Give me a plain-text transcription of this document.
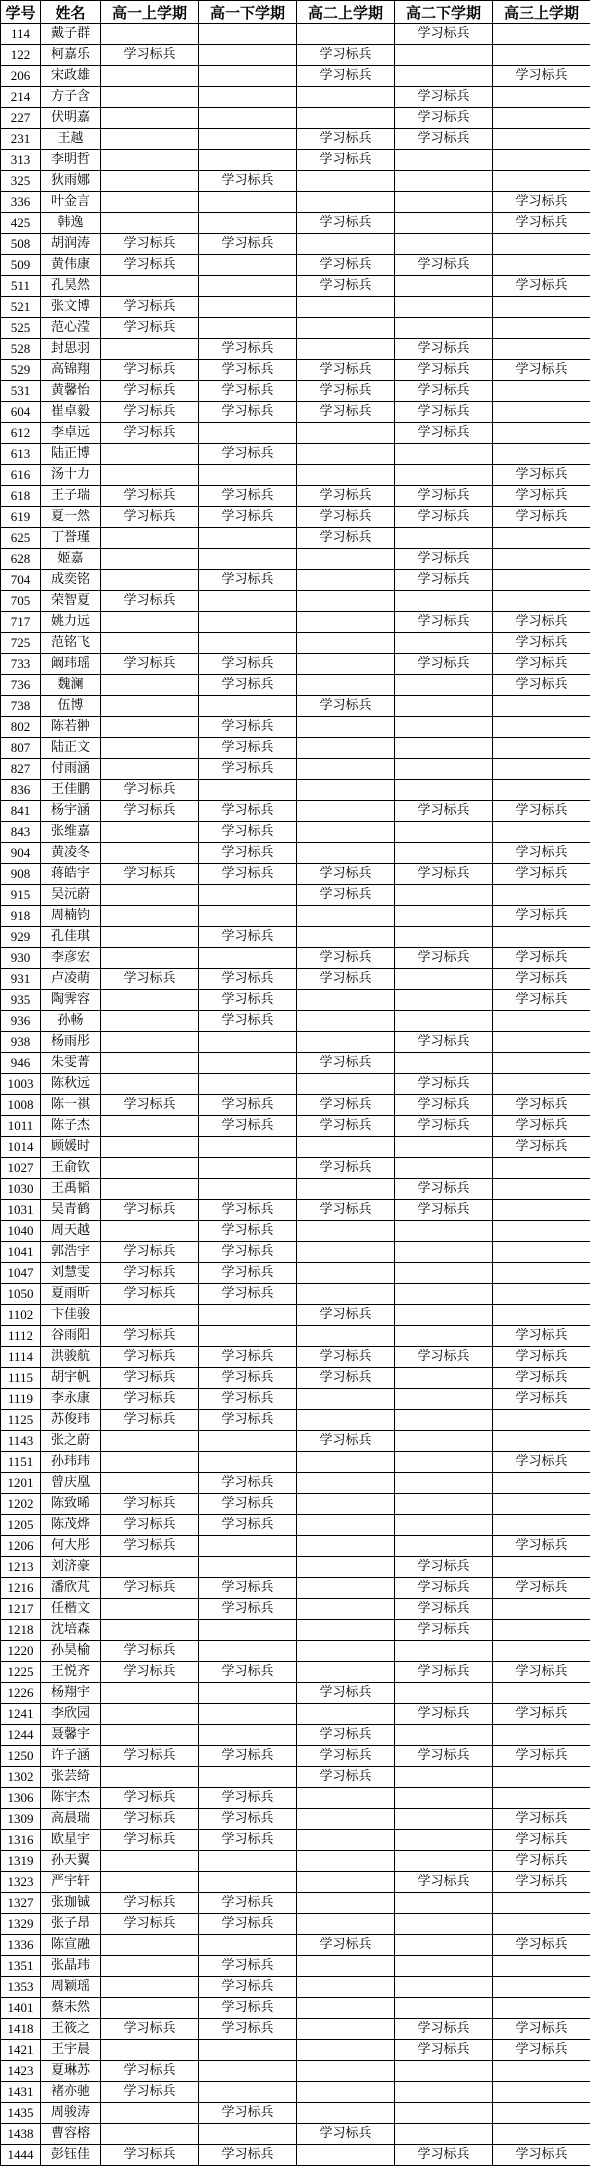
学号	姓名	高一上学期	高一下学期	高二上学期	高二下学期	高三上学期
114	戴子群				学习标兵	
122	柯嘉乐	学习标兵		学习标兵		
206	宋政雄			学习标兵		学习标兵
214	方子含				学习标兵	
227	伏明嘉				学习标兵	
231	王越			学习标兵	学习标兵	
313	李明哲			学习标兵		
325	狄雨娜		学习标兵			
336	叶金言					学习标兵
425	韩逸			学习标兵		学习标兵
508	胡润涛	学习标兵	学习标兵			
509	黄伟康	学习标兵		学习标兵	学习标兵	
511	孔昊然			学习标兵		学习标兵
521	张文博	学习标兵				
525	范心滢	学习标兵				
528	封思羽		学习标兵		学习标兵	
529	高锦翔	学习标兵	学习标兵	学习标兵	学习标兵	学习标兵
531	黄馨怡	学习标兵	学习标兵	学习标兵	学习标兵	
604	崔卓毅	学习标兵	学习标兵	学习标兵	学习标兵	
612	李卓远	学习标兵			学习标兵	
613	陆正博		学习标兵			
616	汤十力					学习标兵
618	王子瑞	学习标兵	学习标兵	学习标兵	学习标兵	学习标兵
619	夏一然	学习标兵	学习标兵	学习标兵	学习标兵	学习标兵
625	丁誉瑾			学习标兵		
628	姬嘉				学习标兵	
704	成奕铭		学习标兵		学习标兵	
705	荣智夏	学习标兵				
717	姚力远				学习标兵	学习标兵
725	范铭飞					学习标兵
733	阚玮瑶	学习标兵	学习标兵		学习标兵	学习标兵
736	魏澜		学习标兵			学习标兵
738	伍博			学习标兵		
802	陈若翀		学习标兵			
807	陆正文		学习标兵			
827	付雨涵		学习标兵			
836	王佳鹏	学习标兵				
841	杨宇涵	学习标兵	学习标兵		学习标兵	学习标兵
843	张维嘉		学习标兵			
904	黄凌冬		学习标兵			学习标兵
908	蒋皓宇	学习标兵	学习标兵	学习标兵	学习标兵	学习标兵
915	吴沅蔚			学习标兵		
918	周楠钧					学习标兵
929	孔佳琪		学习标兵			
930	李彦宏			学习标兵	学习标兵	学习标兵
931	卢凌萌	学习标兵	学习标兵	学习标兵		学习标兵
935	陶霁容		学习标兵			学习标兵
936	孙畅		学习标兵			
938	杨雨彤				学习标兵	
946	朱雯菁			学习标兵		
1003	陈秋远				学习标兵	
1008	陈一祺	学习标兵	学习标兵	学习标兵	学习标兵	学习标兵
1011	陈子杰		学习标兵	学习标兵	学习标兵	学习标兵
1014	顾媛时					学习标兵
1027	王俞钦			学习标兵		
1030	王禹韬				学习标兵	
1031	吴青鹤	学习标兵	学习标兵	学习标兵	学习标兵	
1040	周天越		学习标兵			
1041	郭浩宇	学习标兵	学习标兵			
1047	刘慧雯	学习标兵	学习标兵			
1050	夏雨昕	学习标兵	学习标兵			
1102	卞佳骏			学习标兵		
1112	谷雨阳	学习标兵				学习标兵
1114	洪骏航	学习标兵	学习标兵	学习标兵	学习标兵	学习标兵
1115	胡宇帆	学习标兵	学习标兵	学习标兵		学习标兵
1119	李永康	学习标兵	学习标兵			学习标兵
1125	苏俊玮	学习标兵	学习标兵			
1143	张之蔚			学习标兵		
1151	孙玮玮					学习标兵
1201	曾庆凰		学习标兵			
1202	陈致晞	学习标兵	学习标兵			
1205	陈茂烨	学习标兵	学习标兵			
1206	何大彤	学习标兵				学习标兵
1213	刘济豪				学习标兵	
1216	潘欣芃	学习标兵	学习标兵		学习标兵	学习标兵
1217	任楷文		学习标兵		学习标兵	
1218	沈培森				学习标兵	
1220	孙昊榆	学习标兵				
1225	王悦齐	学习标兵	学习标兵		学习标兵	学习标兵
1226	杨翔宇			学习标兵		
1241	李欣园				学习标兵	学习标兵
1244	聂馨宇			学习标兵		
1250	许子涵	学习标兵	学习标兵	学习标兵	学习标兵	学习标兵
1302	张芸绮			学习标兵		
1306	陈宇杰	学习标兵	学习标兵			
1309	高晨瑞	学习标兵	学习标兵			学习标兵
1316	欧星宇	学习标兵	学习标兵			学习标兵
1319	孙天翼					学习标兵
1323	严宇轩				学习标兵	学习标兵
1327	张珈铖	学习标兵	学习标兵			
1329	张子昂	学习标兵	学习标兵			
1336	陈宣融			学习标兵		学习标兵
1351	张晶玮		学习标兵			
1353	周颖瑶		学习标兵			
1401	蔡未然		学习标兵			
1418	王筱之	学习标兵	学习标兵		学习标兵	学习标兵
1421	王宇晨				学习标兵	学习标兵
1423	夏琳苏	学习标兵				
1431	褚亦驰	学习标兵				
1435	周骏涛		学习标兵			
1438	曹容榕			学习标兵		
1444	彭钰佳	学习标兵	学习标兵		学习标兵	学习标兵
